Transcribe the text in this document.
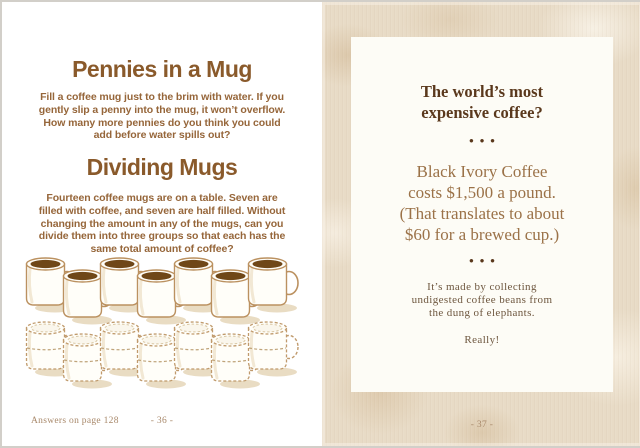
Pennies in a Mug
Fill a coffee mug just to the brim with water. If you
gently slip a penny into the mug, it won’t overflow.
How many more pennies do you think you could
add before water spills out?
Dividing Mugs
Fourteen coffee mugs are on a table. Seven are
filled with coffee, and seven are half filled. Without
changing the amount in any of the mugs, can you
divide them into three groups so that each has the
same total amount of coffee?
Answers on page 128	- 36 -
The world’s most
expensive coffee?
•••
Black Ivory Coffee
costs $1,500 a pound.
(That translates to about
$60 for a brewed cup.)
•••
It’s made by collecting
undigested coffee beans from
the dung of elephants.
Really!
- 37 -
